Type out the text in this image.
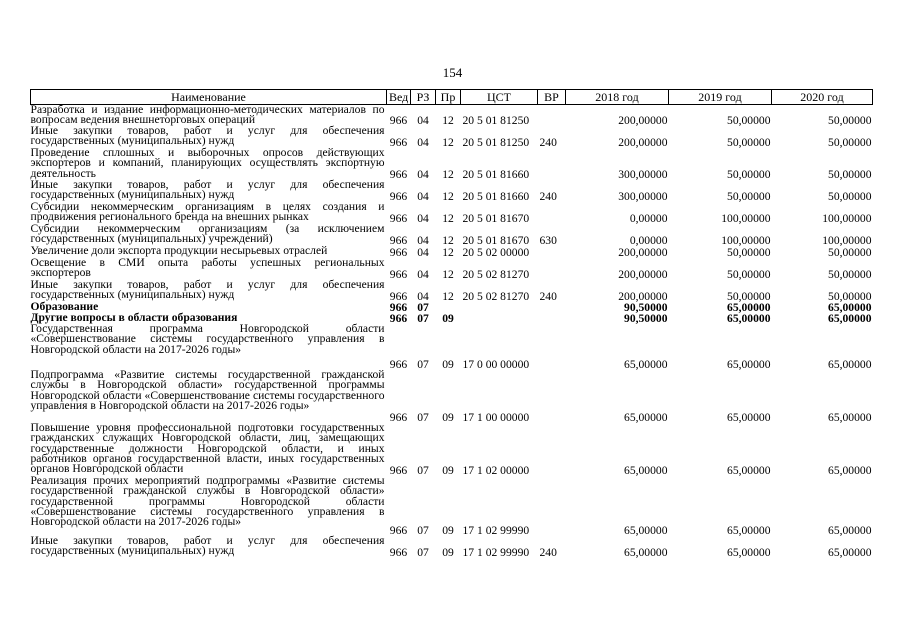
154
Наименование	Вед	РЗ	Пр	ЦСТ	ВР	2018 год	2019 год	2020 год
Разработка и издание информационно-методических материалов по вопросам ведения внешнеторговых операций	966	04	12	20 5 01 81250		200,00000	50,00000	50,00000
Иные закупки товаров, работ и услуг для обеспечения государственных (муниципальных) нужд	966	04	12	20 5 01 81250	240	200,00000	50,00000	50,00000
Проведение сплошных и выборочных опросов действующих экспортеров и компаний, планирующих осуществлять экспортную деятельность	966	04	12	20 5 01 81660		300,00000	50,00000	50,00000
Иные закупки товаров, работ и услуг для обеспечения государственных (муниципальных) нужд	966	04	12	20 5 01 81660	240	300,00000	50,00000	50,00000
Субсидии некоммерческим организациям в целях создания и продвижения регионального бренда на внешних рынках	966	04	12	20 5 01 81670		0,00000	100,00000	100,00000
Субсидии некоммерческим организациям (за исключением государственных (муниципальных) учреждений)	966	04	12	20 5 01 81670	630	0,00000	100,00000	100,00000
Увеличение доли экспорта продукции несырьевых отраслей	966	04	12	20 5 02 00000		200,00000	50,00000	50,00000
Освещение в СМИ опыта работы успешных региональных экспортеров	966	04	12	20 5 02 81270		200,00000	50,00000	50,00000
Иные закупки товаров, работ и услуг для обеспечения государственных (муниципальных) нужд	966	04	12	20 5 02 81270	240	200,00000	50,00000	50,00000
Образование	966	07				90,50000	65,00000	65,00000
Другие вопросы в области образования	966	07	09			90,50000	65,00000	65,00000
Государственная программа Новгородской области «Совершенствование системы государственного управления в Новгородской области на 2017-2026 годы»	966	07	09	17 0 00 00000		65,00000	65,00000	65,00000
Подпрограмма «Развитие системы государственной гражданской службы в Новгородской области» государственной программы Новгородской области «Совершенствование системы государственного управления в Новгородской области на 2017-2026 годы»	966	07	09	17 1 00 00000		65,00000	65,00000	65,00000
Повышение уровня профессиональной подготовки государственных гражданских служащих Новгородской области, лиц, замещающих государственные должности Новгородской области, и иных работников органов государственной власти, иных государственных органов Новгородской области	966	07	09	17 1 02 00000		65,00000	65,00000	65,00000
Реализация прочих мероприятий подпрограммы «Развитие системы государственной гражданской службы в Новгородской области» государственной программы Новгородской области «Совершенствование системы государственного управления в Новгородской области на 2017-2026 годы»	966	07	09	17 1 02 99990		65,00000	65,00000	65,00000
Иные закупки товаров, работ и услуг для обеспечения государственных (муниципальных) нужд	966	07	09	17 1 02 99990	240	65,00000	65,00000	65,00000
